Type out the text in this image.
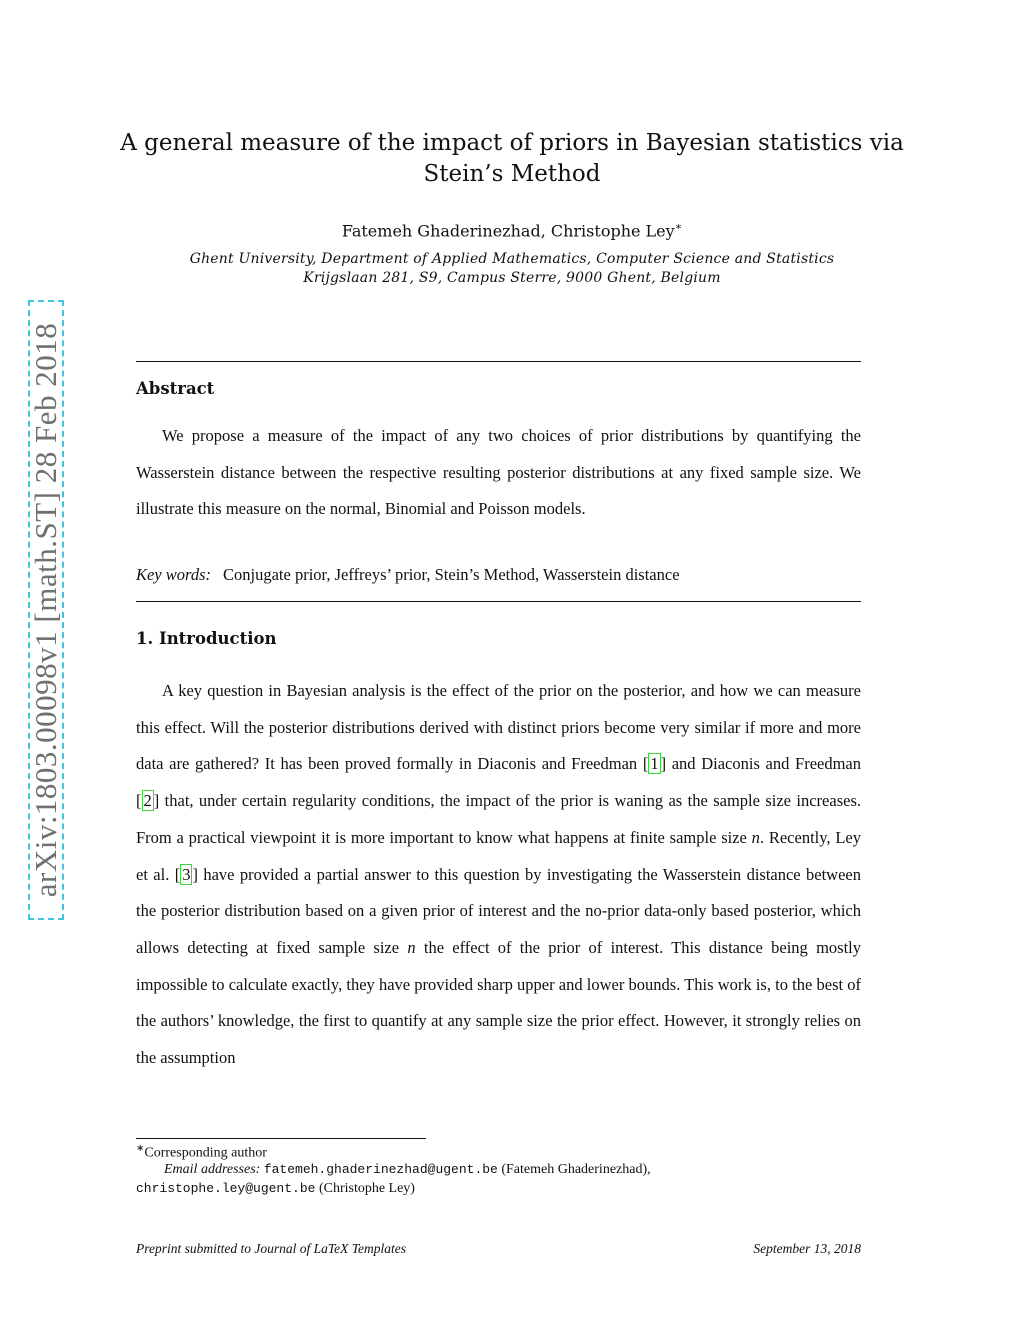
arXiv:1803.00098v1 [math.ST] 28 Feb 2018
A general measure of the impact of priors in Bayesian statistics via
Stein’s Method
Fatemeh Ghaderinezhad, Christophe Ley∗
Ghent University, Department of Applied Mathematics, Computer Science and Statistics
Krijgslaan 281, S9, Campus Sterre, 9000 Ghent, Belgium
Abstract
We propose a measure of the impact of any two choices of prior distributions by quantifying the Wasserstein distance between the respective resulting posterior distributions at any fixed sample size. We illustrate this measure on the normal, Binomial and Poisson models.
Key words: Conjugate prior, Jeffreys’ prior, Stein’s Method, Wasserstein distance
1. Introduction
A key question in Bayesian analysis is the effect of the prior on the posterior, and how we can measure this effect. Will the posterior distributions derived with distinct priors become very similar if more and more data are gathered? It has been proved formally in Diaconis and Freedman [ 1 ] and Diaconis and Freedman [ 2 ] that, under certain regularity conditions, the impact of the prior is waning as the sample size increases. From a practical viewpoint it is more important to know what happens at finite sample size n. Recently, Ley et al. [ 3 ] have provided a partial answer to this question by investigating the Wasserstein distance between the posterior distribution based on a given prior of interest and the no-prior data-only based posterior, which allows detecting at fixed sample size n the effect of the prior of interest. This distance being mostly impossible to calculate exactly, they have provided sharp upper and lower bounds. This work is, to the best of the authors’ knowledge, the first to quantify at any sample size the prior effect. However, it strongly relies on the assumption
∗Corresponding author
Email addresses: fatemeh.ghaderinezhad@ugent.be (Fatemeh Ghaderinezhad),
christophe.ley@ugent.be (Christophe Ley)
Preprint submitted to Journal of LaTeX Templates	September 13, 2018
